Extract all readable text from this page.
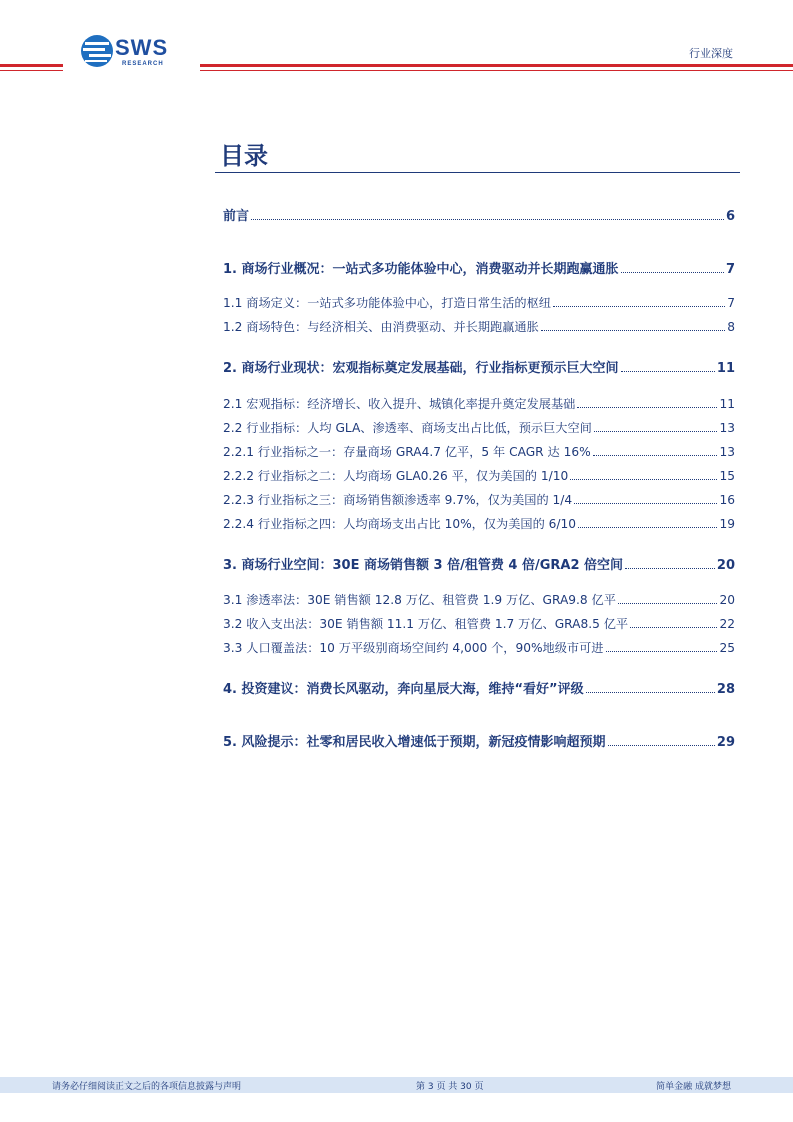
SWS
RESEARCH
行业深度
目录
前言	6
1. 商场行业概况：一站式多功能体验中心，消费驱动并长期跑赢通胀	7
1.1 商场定义：一站式多功能体验中心，打造日常生活的枢纽	7
1.2 商场特色：与经济相关、由消费驱动、并长期跑赢通胀	8
2. 商场行业现状：宏观指标奠定发展基础，行业指标更预示巨大空间	11
2.1 宏观指标：经济增长、收入提升、城镇化率提升奠定发展基础	11
2.2 行业指标：人均 GLA、渗透率、商场支出占比低，预示巨大空间	13
2.2.1 行业指标之一：存量商场 GRA4.7 亿平，5 年 CAGR 达 16%	13
2.2.2 行业指标之二：人均商场 GLA0.26 平，仅为美国的 1/10	15
2.2.3 行业指标之三：商场销售额渗透率 9.7%，仅为美国的 1/4	16
2.2.4 行业指标之四：人均商场支出占比 10%，仅为美国的 6/10	19
3. 商场行业空间：30E 商场销售额 3 倍/租管费 4 倍/GRA2 倍空间	20
3.1 渗透率法：30E 销售额 12.8 万亿、租管费 1.9 万亿、GRA9.8 亿平	20
3.2 收入支出法：30E 销售额 11.1 万亿、租管费 1.7 万亿、GRA8.5 亿平	22
3.3 人口覆盖法：10 万平级别商场空间约 4,000 个，90%地级市可进	25
4. 投资建议：消费长风驱动，奔向星辰大海，维持“看好”评级	28
5. 风险提示：社零和居民收入增速低于预期，新冠疫情影响超预期	29
请务必仔细阅读正文之后的各项信息披露与声明	第 3 页 共 30 页	简单金融 成就梦想
